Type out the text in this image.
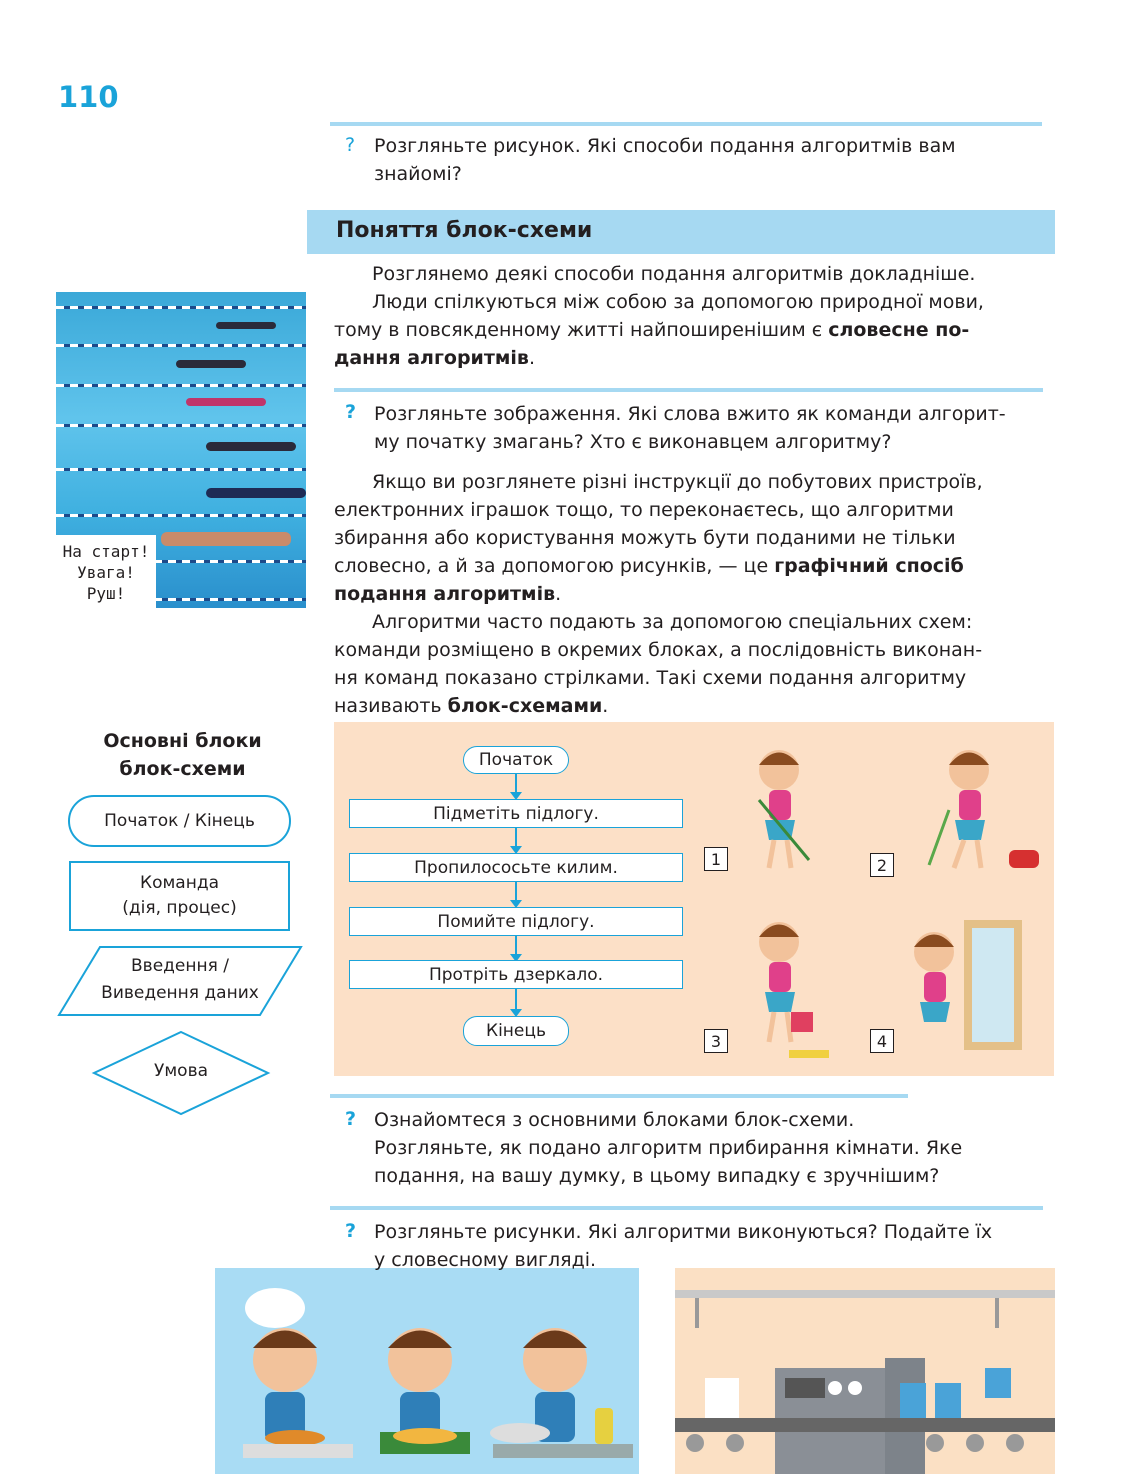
110
? Розгляньте рисунок. Які способи подання алгоритмів вам
знайомі?
Поняття блок-схеми
Розглянемо деякі способи подання алгоритмів докладніше.
Люди спілкуються між собою за допомогою природної мови,
тому в повсякденному житті найпоширенішим є словесне по-
дання алгоритмів.
На старт!
Увага!
Руш!
? Розгляньте зображення. Які слова вжито як команди алгорит-
му початку змагань? Хто є виконавцем алгоритму?
Якщо ви розглянете різні інструкції до побутових пристроїв,
електронних іграшок тощо, то переконаєтесь, що алгоритми
збирання або користування можуть бути поданими не тільки
словесно, а й за допомогою рисунків, — це графічний спосіб
подання алгоритмів.
Алгоритми часто подають за допомогою спеціальних схем:
команди розміщено в окремих блоках, а послідовність виконан-
ня команд показано стрілками. Такі схеми подання алгоритму
називають блок-схемами.
Основні блоки
блок-схеми
Початок / Кінець
Команда
(дія, процес)
Введення /
Виведення даних
Умова
Початок
Підметіть підлогу.
Пропилососьте килим.
Помийте підлогу.
Протріть дзеркало.
Кінець
1	2
3	4
? Ознайомтеся з основними блоками блок-схеми.
Розгляньте, як подано алгоритм прибирання кімнати. Яке
подання, на вашу думку, в цьому випадку є зручнішим?
? Розгляньте рисунки. Які алгоритми виконуються? Подайте їх
у словесному вигляді.
